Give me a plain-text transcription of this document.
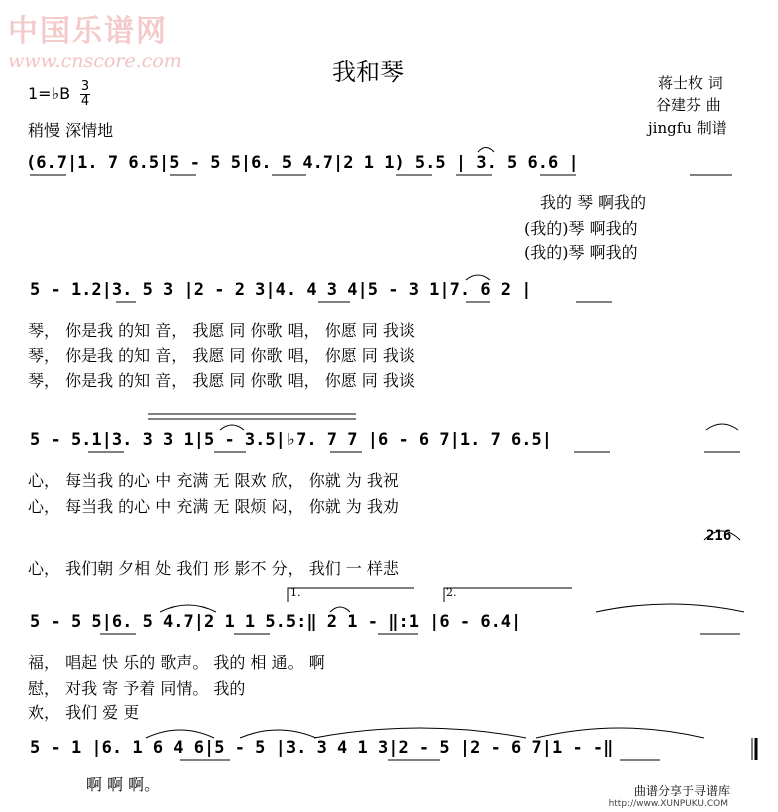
中国乐谱网
www.cnscore.com	我和琴
1=♭B 3
4
稍慢 深情地
蒋士枚 词
谷建芬 曲
jingfu 制谱
(6.7|1. 7 6.5|5 - 5 5|6. 5 4.7|2 1 1) 5.5 | 3. 5 6.6 |
我的 琴 啊我的
(我的)琴 啊我的
(我的)琴 啊我的
5 - 1.2|3. 5 3 |2 - 2 3|4. 4 3 4|5 - 3 1|7. 6 2 |
琴， 你是我 的知 音， 我愿 同 你歌 唱， 你愿 同 我谈
琴， 你是我 的知 音， 我愿 同 你歌 唱， 你愿 同 我谈
琴， 你是我 的知 音， 我愿 同 你歌 唱， 你愿 同 我谈
5 - 5.1|3. 3 3 1|5 - 3.5|♭7. 7 7 |6 - 6 7|1. 7 6.5|
心， 每当我 的心 中 充满 无 限欢 欣， 你就 为 我祝
心， 每当我 的心 中 充满 无 限烦 闷， 你就 为 我劝
216
心， 我们朝 夕相 处 我们 形 影不 分， 我们 一 样悲
1.	2.
5 - 5 5|6. 5 4.7|2 1 1 5.5:‖ 2 1 - ‖:1 |6 - 6.4|
福， 唱起 快 乐的 歌声。 我的 相 通。 啊
慰， 对我 寄 予着 同情。 我的
欢， 我们 爱 更
5 - 1 |6. 1 6 4 6|5 - 5 |3. 3 4 1 3|2 - 5 |2 - 6 7|1 - -‖
啊 啊 啊。	曲谱分享于寻谱库
http://www.XUNPUKU.COM
